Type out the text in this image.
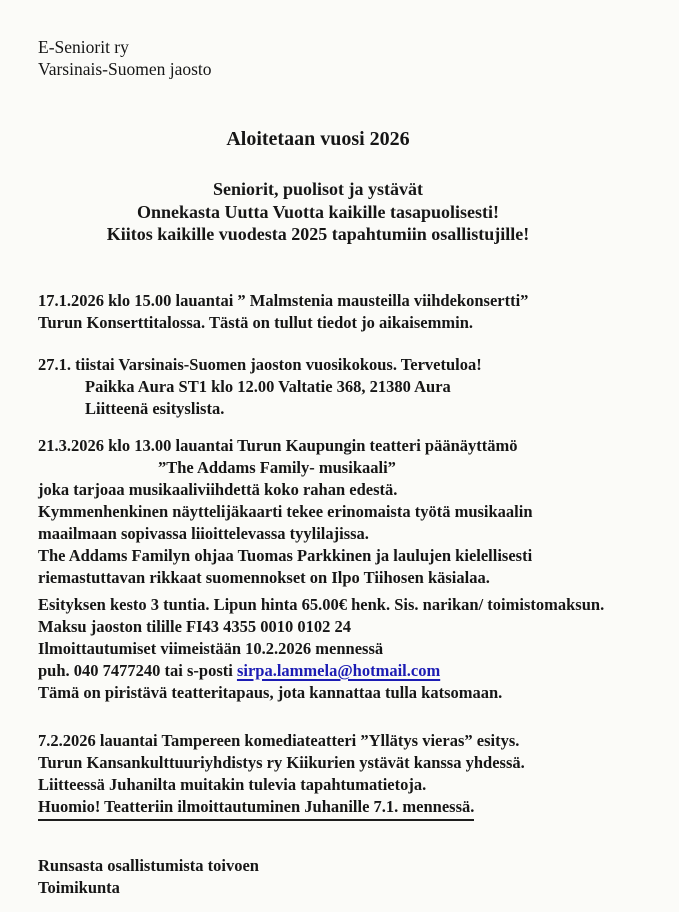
E-Seniorit ry
Varsinais-Suomen jaosto
Aloitetaan vuosi 2026
Seniorit, puolisot ja ystävät
Onnekasta Uutta Vuotta kaikille tasapuolisesti!
Kiitos kaikille vuodesta 2025 tapahtumiin osallistujille!
17.1.2026 klo 15.00 lauantai ” Malmstenia mausteilla viihdekonsertti”
Turun Konserttitalossa. Tästä on tullut tiedot jo aikaisemmin.
27.1. tiistai Varsinais-Suomen jaoston vuosikokous. Tervetuloa!
Paikka Aura ST1 klo 12.00 Valtatie 368, 21380 Aura
Liitteenä esityslista.
21.3.2026 klo 13.00 lauantai Turun Kaupungin teatteri päänäyttämö
”The Addams Family- musikaali”
joka tarjoaa musikaaliviihdettä koko rahan edestä.
Kymmenhenkinen näyttelijäkaarti tekee erinomaista työtä musikaalin
maailmaan sopivassa liioittelevassa tyylilajissa.
The Addams Familyn ohjaa Tuomas Parkkinen ja laulujen kielellisesti
riemastuttavan rikkaat suomennokset on Ilpo Tiihosen käsialaa.
Esityksen kesto 3 tuntia. Lipun hinta 65.00€ henk. Sis. narikan/ toimistomaksun.
Maksu jaoston tilille FI43 4355 0010 0102 24
Ilmoittautumiset viimeistään 10.2.2026 mennessä
puh. 040 7477240 tai s-posti sirpa.lammela@hotmail.com
Tämä on piristävä teatteritapaus, jota kannattaa tulla katsomaan.
7.2.2026 lauantai Tampereen komediateatteri ”Yllätys vieras” esitys.
Turun Kansankulttuuriyhdistys ry Kiikurien ystävät kanssa yhdessä.
Liitteessä Juhanilta muitakin tulevia tapahtumatietoja.
Huomio! Teatteriin ilmoittautuminen Juhanille 7.1. mennessä.
Runsasta osallistumista toivoen
Toimikunta
